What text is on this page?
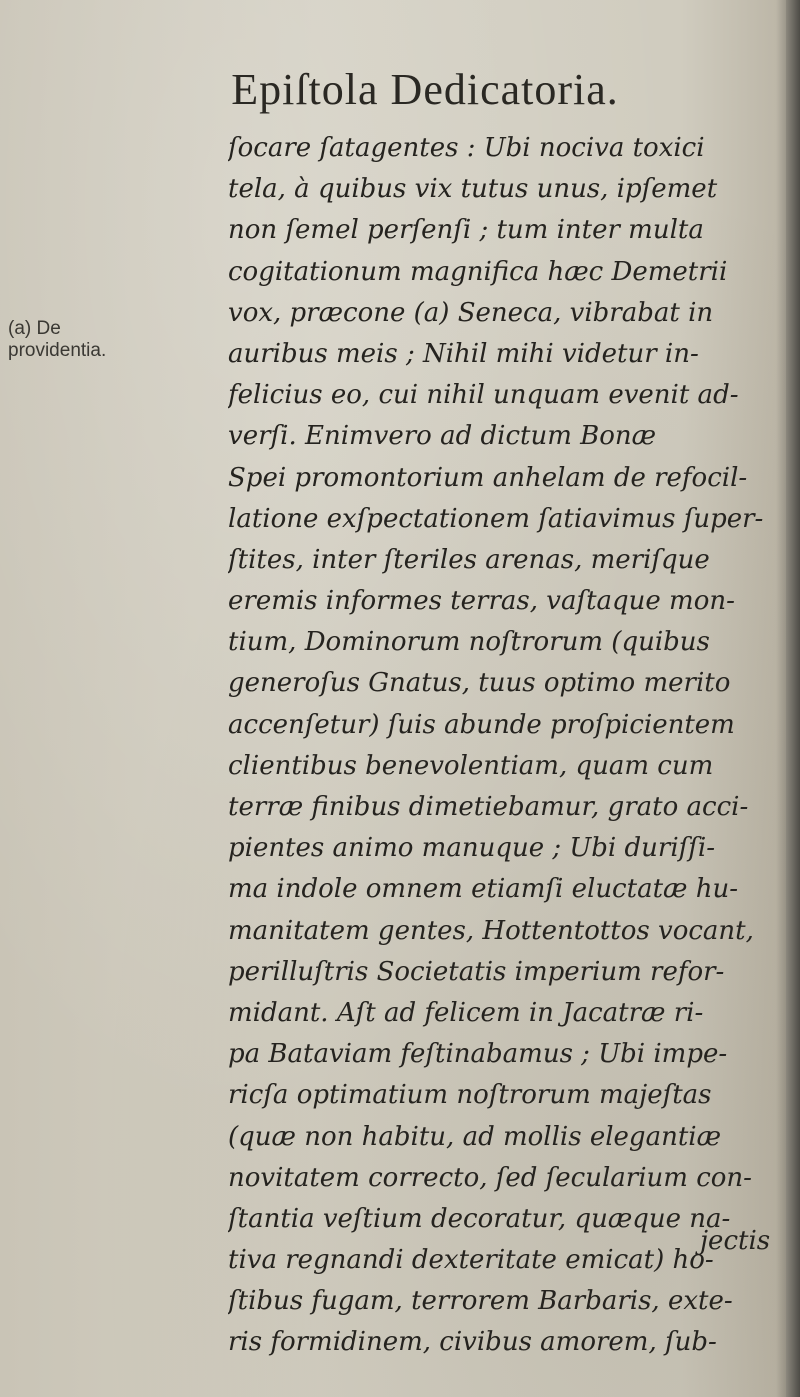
Epiſtola Dedicatoria.
(a) De providentia.
ſocare ſatagentes : Ubi nociva toxici
tela, à quibus vix tutus unus, ipſemet
non ſemel perſenſi ; tum inter multa
cogitationum magnifica hæc Demetrii
vox, præcone (a) Seneca, vibrabat in
auribus meis ; Nihil mihi videtur in-
felicius eo, cui nihil unquam evenit ad-
verſi. Enimvero ad dictum Bonæ
Spei promontorium anhelam de refocil-
latione exſpectationem ſatiavimus ſuper-
ſtites, inter ſteriles arenas, meriſque
eremis informes terras, vaſtaque mon-
tium, Dominorum noſtrorum (quibus
generoſus Gnatus, tuus optimo merito
accenſetur) ſuis abunde proſpicientem
clientibus benevolentiam, quam cum
terræ finibus dimetiebamur, grato acci-
pientes animo manuque ; Ubi duriſſi-
ma indole omnem etiamſi eluctatæ hu-
manitatem gentes, Hottentottos vocant,
perilluſtris Societatis imperium refor-
midant. Aſt ad felicem in Jacatræ ri-
pa Bataviam feſtinabamus ; Ubi impe-
ricſa optimatium noſtrorum majeſtas
(quæ non habitu, ad mollis elegantiæ
novitatem correcto, ſed ſecularium con-
ſtantia veſtium decoratur, quæque na-
tiva regnandi dexteritate emicat) ho-
ſtibus fugam, terrorem Barbaris, exte-
ris formidinem, civibus amorem, ſub-
jectis
